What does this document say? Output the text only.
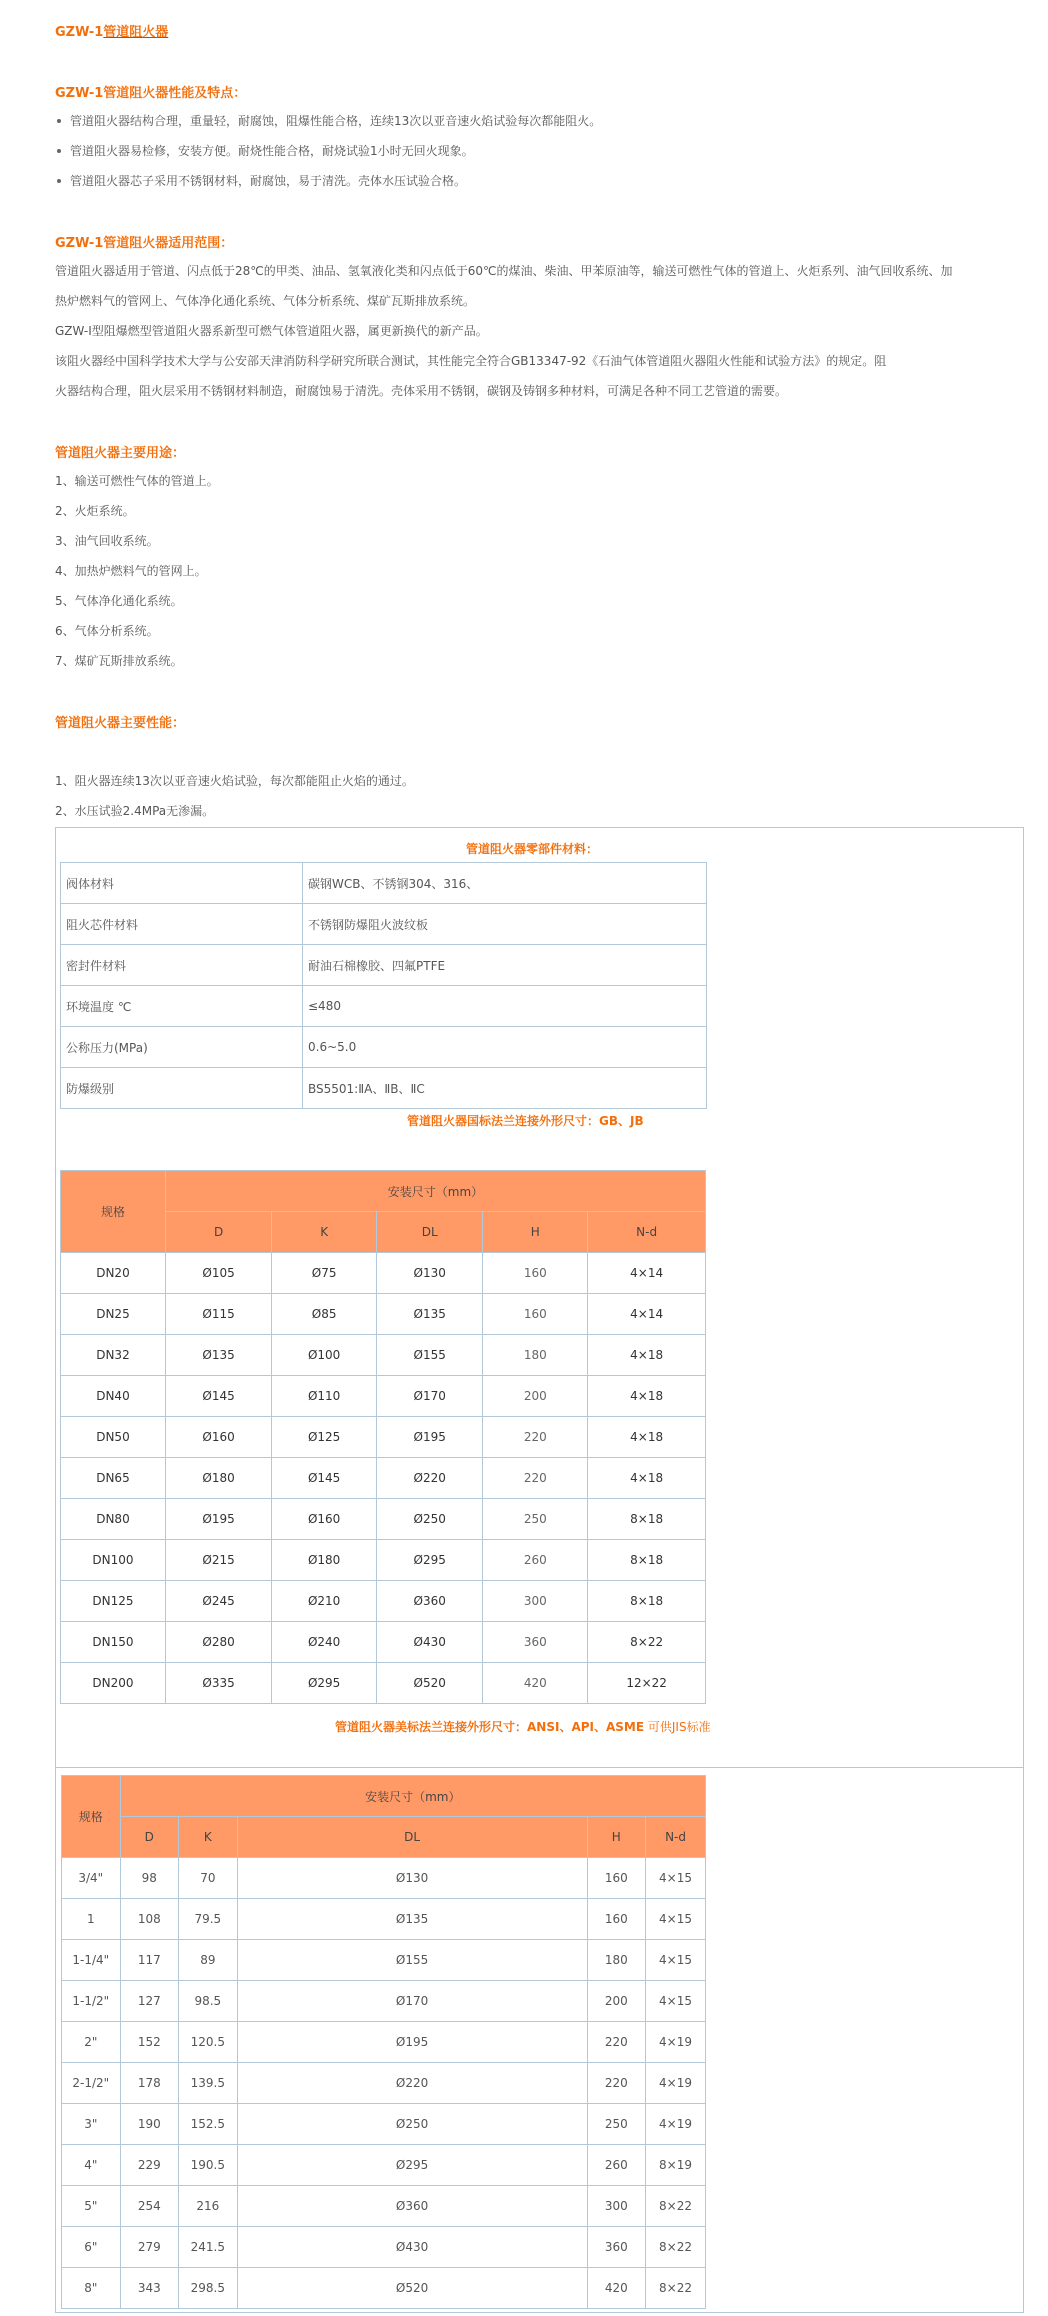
GZW-1管道阻火器
GZW-1管道阻火器性能及特点：
管道阻火器结构合理，重量轻，耐腐蚀，阻爆性能合格，连续13次以亚音速火焰试验每次都能阻火。
管道阻火器易检修，安装方便。耐烧性能合格，耐烧试验1小时无回火现象。
管道阻火器芯子采用不锈钢材料，耐腐蚀，易于清洗。壳体水压试验合格。
GZW-1管道阻火器适用范围：
管道阻火器适用于管道、闪点低于28℃的甲类、油品、氢氧液化类和闪点低于60℃的煤油、柴油、甲苯原油等，输送可燃性气体的管道上、火炬系列、油气回收系统、加
热炉燃料气的管网上、气体净化通化系统、气体分析系统、煤矿瓦斯排放系统。
GZW-Ⅰ型阻爆燃型管道阻火器系新型可燃气体管道阻火器，属更新换代的新产品。
该阻火器经中国科学技术大学与公安部天津消防科学研究所联合测试，其性能完全符合GB13347-92《石油气体管道阻火器阻火性能和试验方法》的规定。阻
火器结构合理，阻火层采用不锈钢材料制造，耐腐蚀易于清洗。壳体采用不锈钢，碳钢及铸钢多种材料，可满足各种不同工艺管道的需要。
管道阻火器主要用途：
1、输送可燃性气体的管道上。
2、火炬系统。
3、油气回收系统。
4、加热炉燃料气的管网上。
5、气体净化通化系统。
6、气体分析系统。
7、煤矿瓦斯排放系统。
管道阻火器主要性能：
1、阻火器连续13次以亚音速火焰试验，每次都能阻止火焰的通过。
2、水压试验2.4MPa无渗漏。
管道阻火器零部件材料：
阀体材料	碳钢WCB、不锈钢304、316、
阻火芯件材料	不锈钢防爆阻火波纹板
密封件材料	耐油石棉橡胶、四氟PTFE
环境温度 ℃	≤480
公称压力(MPa)	0.6~5.0
防爆级别	BS5501:ⅡA、ⅡB、ⅡC
管道阻火器国标法兰连接外形尺寸：GB、JB
规格	安装尺寸（mm）				
	D	K	DL	H	N-d
DN20	Ø105	Ø75	Ø130	160	4×14
DN25	Ø115	Ø85	Ø135	160	4×14
DN32	Ø135	Ø100	Ø155	180	4×18
DN40	Ø145	Ø110	Ø170	200	4×18
DN50	Ø160	Ø125	Ø195	220	4×18
DN65	Ø180	Ø145	Ø220	220	4×18
DN80	Ø195	Ø160	Ø250	250	8×18
DN100	Ø215	Ø180	Ø295	260	8×18
DN125	Ø245	Ø210	Ø360	300	8×18
DN150	Ø280	Ø240	Ø430	360	8×22
DN200	Ø335	Ø295	Ø520	420	12×22
管道阻火器美标法兰连接外形尺寸：ANSI、API、ASME 可供JIS标准
规格	安装尺寸（mm）				
	D	K	DL	H	N-d
3/4"	98	70	Ø130	160	4×15
1	108	79.5	Ø135	160	4×15
1-1/4"	117	89	Ø155	180	4×15
1-1/2"	127	98.5	Ø170	200	4×15
2"	152	120.5	Ø195	220	4×19
2-1/2"	178	139.5	Ø220	220	4×19
3"	190	152.5	Ø250	250	4×19
4"	229	190.5	Ø295	260	8×19
5"	254	216	Ø360	300	8×22
6"	279	241.5	Ø430	360	8×22
8"	343	298.5	Ø520	420	8×22
